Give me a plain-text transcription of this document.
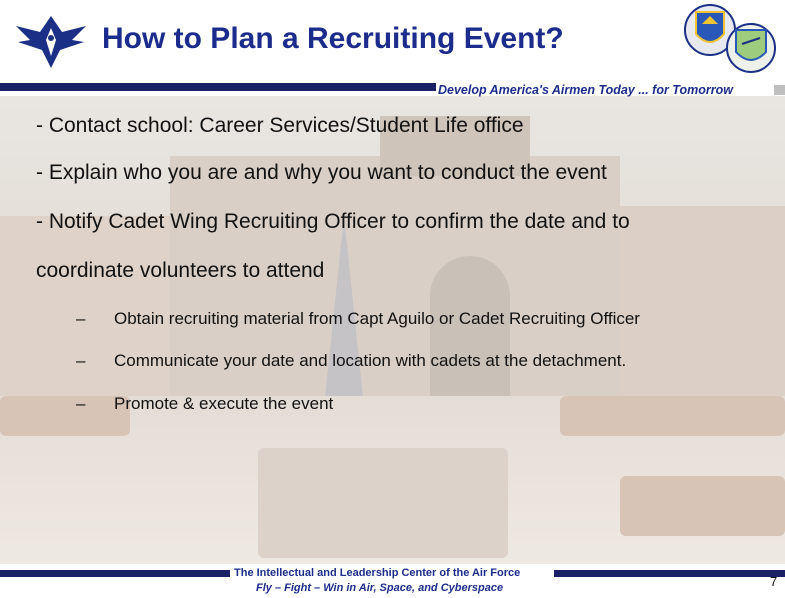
How to Plan a Recruiting Event?
Develop America's Airmen Today ... for Tomorrow

- Contact school: Career Services/Student Life office

- Explain who you are and why you want to conduct the event

- Notify Cadet Wing Recruiting Officer to confirm the date and to

coordinate volunteers to attend

– Obtain recruiting material from Capt Aguilo or Cadet Recruiting Officer
– Communicate your date and location with cadets at the detachment.
– Promote & execute the event
The Intellectual and Leadership Center of the Air Force
Fly – Fight – Win in Air, Space, and Cyberspace	7
